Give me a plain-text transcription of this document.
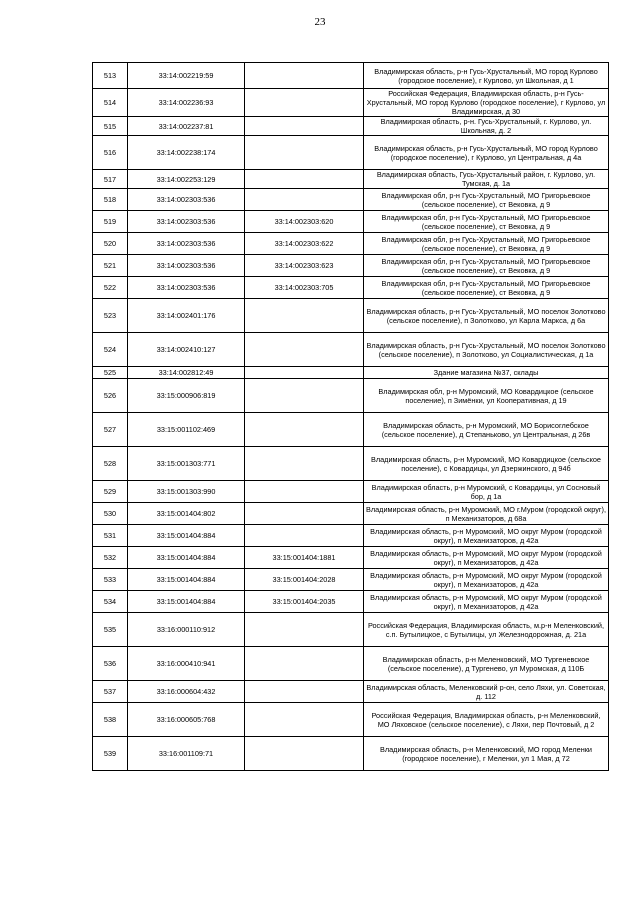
23
513	33:14:002219:59		Владимирская область, р-н Гусь-Хрустальный, МО город Курлово (городское поселение), г Курлово, ул Школьная, д 1
514	33:14:002236:93		Российская Федерация, Владимирская область, р-н Гусь-Хрустальный, МО город Курлово (городское поселение), г Курлово, ул Владимирская, д 30
515	33:14:002237:81		Владимирская область, р-н. Гусь-Хрустальный, г. Курлово, ул. Школьная, д. 2
516	33:14:002238:174		Владимирская область, р-н Гусь-Хрустальный, МО город Курлово (городское поселение), г Курлово, ул Центральная, д 4а
517	33:14:002253:129		Владимирская область, Гусь-Хрустальный район, г. Курлово, ул. Тумская, д. 1а
518	33:14:002303:536		Владимирская обл, р-н Гусь-Хрустальный, МО Григорьевское (сельское поселение), ст Вековка, д 9
519	33:14:002303:536	33:14:002303:620	Владимирская обл, р-н Гусь-Хрустальный, МО Григорьевское (сельское поселение), ст Вековка, д 9
520	33:14:002303:536	33:14:002303:622	Владимирская обл, р-н Гусь-Хрустальный, МО Григорьевское (сельское поселение), ст Вековка, д 9
521	33:14:002303:536	33:14:002303:623	Владимирская обл, р-н Гусь-Хрустальный, МО Григорьевское (сельское поселение), ст Вековка, д 9
522	33:14:002303:536	33:14:002303:705	Владимирская обл, р-н Гусь-Хрустальный, МО Григорьевское (сельское поселение), ст Вековка, д 9
523	33:14:002401:176		Владимирская область, р-н Гусь-Хрустальный, МО поселок Золотково (сельское поселение), п Золотково, ул Карла Маркса, д 6а
524	33:14:002410:127		Владимирская область, р-н Гусь-Хрустальный, МО поселок Золотково (сельское поселение), п Золотково, ул Социалистическая, д 1а
525	33:14:002812:49		Здание магазина №37, склады
526	33:15:000906:819		Владимирская обл, р-н Муромский, МО Ковардицкое (сельское поселение), п Зимёнки, ул Кооперативная, д 19
527	33:15:001102:469		Владимирская область, р-н Муромский, МО Борисоглебское (сельское поселение), д Степаньково, ул Центральная, д 26в
528	33:15:001303:771		Владимирская область, р-н Муромский, МО Ковардицкое (сельское поселение), с Ковардицы, ул Дзержинского, д 94б
529	33:15:001303:990		Владимирская область, р-н Муромский, с Ковардицы, ул Сосновый бор, д 1а
530	33:15:001404:802		Владимирская область, р-н Муромский, МО г.Муром (городской округ), п Механизаторов, д 68а
531	33:15:001404:884		Владимирская область, р-н Муромский, МО округ Муром (городской округ), п Механизаторов, д 42а
532	33:15:001404:884	33:15:001404:1881	Владимирская область, р-н Муромский, МО округ Муром (городской округ), п Механизаторов, д 42а
533	33:15:001404:884	33:15:001404:2028	Владимирская область, р-н Муромский, МО округ Муром (городской округ), п Механизаторов, д 42а
534	33:15:001404:884	33:15:001404:2035	Владимирская область, р-н Муромский, МО округ Муром (городской округ), п Механизаторов, д 42а
535	33:16:000110:912		Российская Федерация, Владимирская область, м.р-н Меленковский, с.п. Бутылицкое, с Бутылицы, ул Железнодорожная, д. 21а
536	33:16:000410:941		Владимирская область, р-н Меленковский, МО Тургеневское (сельское поселение), д Тургенево, ул Муромская, д 110Б
537	33:16:000604:432		Владимирская область, Меленковский р-он, село Ляхи, ул. Советская, д. 112
538	33:16:000605:768		Российская Федерация, Владимирская область, р-н Меленковский, МО Ляховское (сельское поселение), с Ляхи, пер Почтовый, д 2
539	33:16:001109:71		Владимирская область, р-н Меленковский, МО город Меленки (городское поселение), г Меленки, ул 1 Мая, д 72
